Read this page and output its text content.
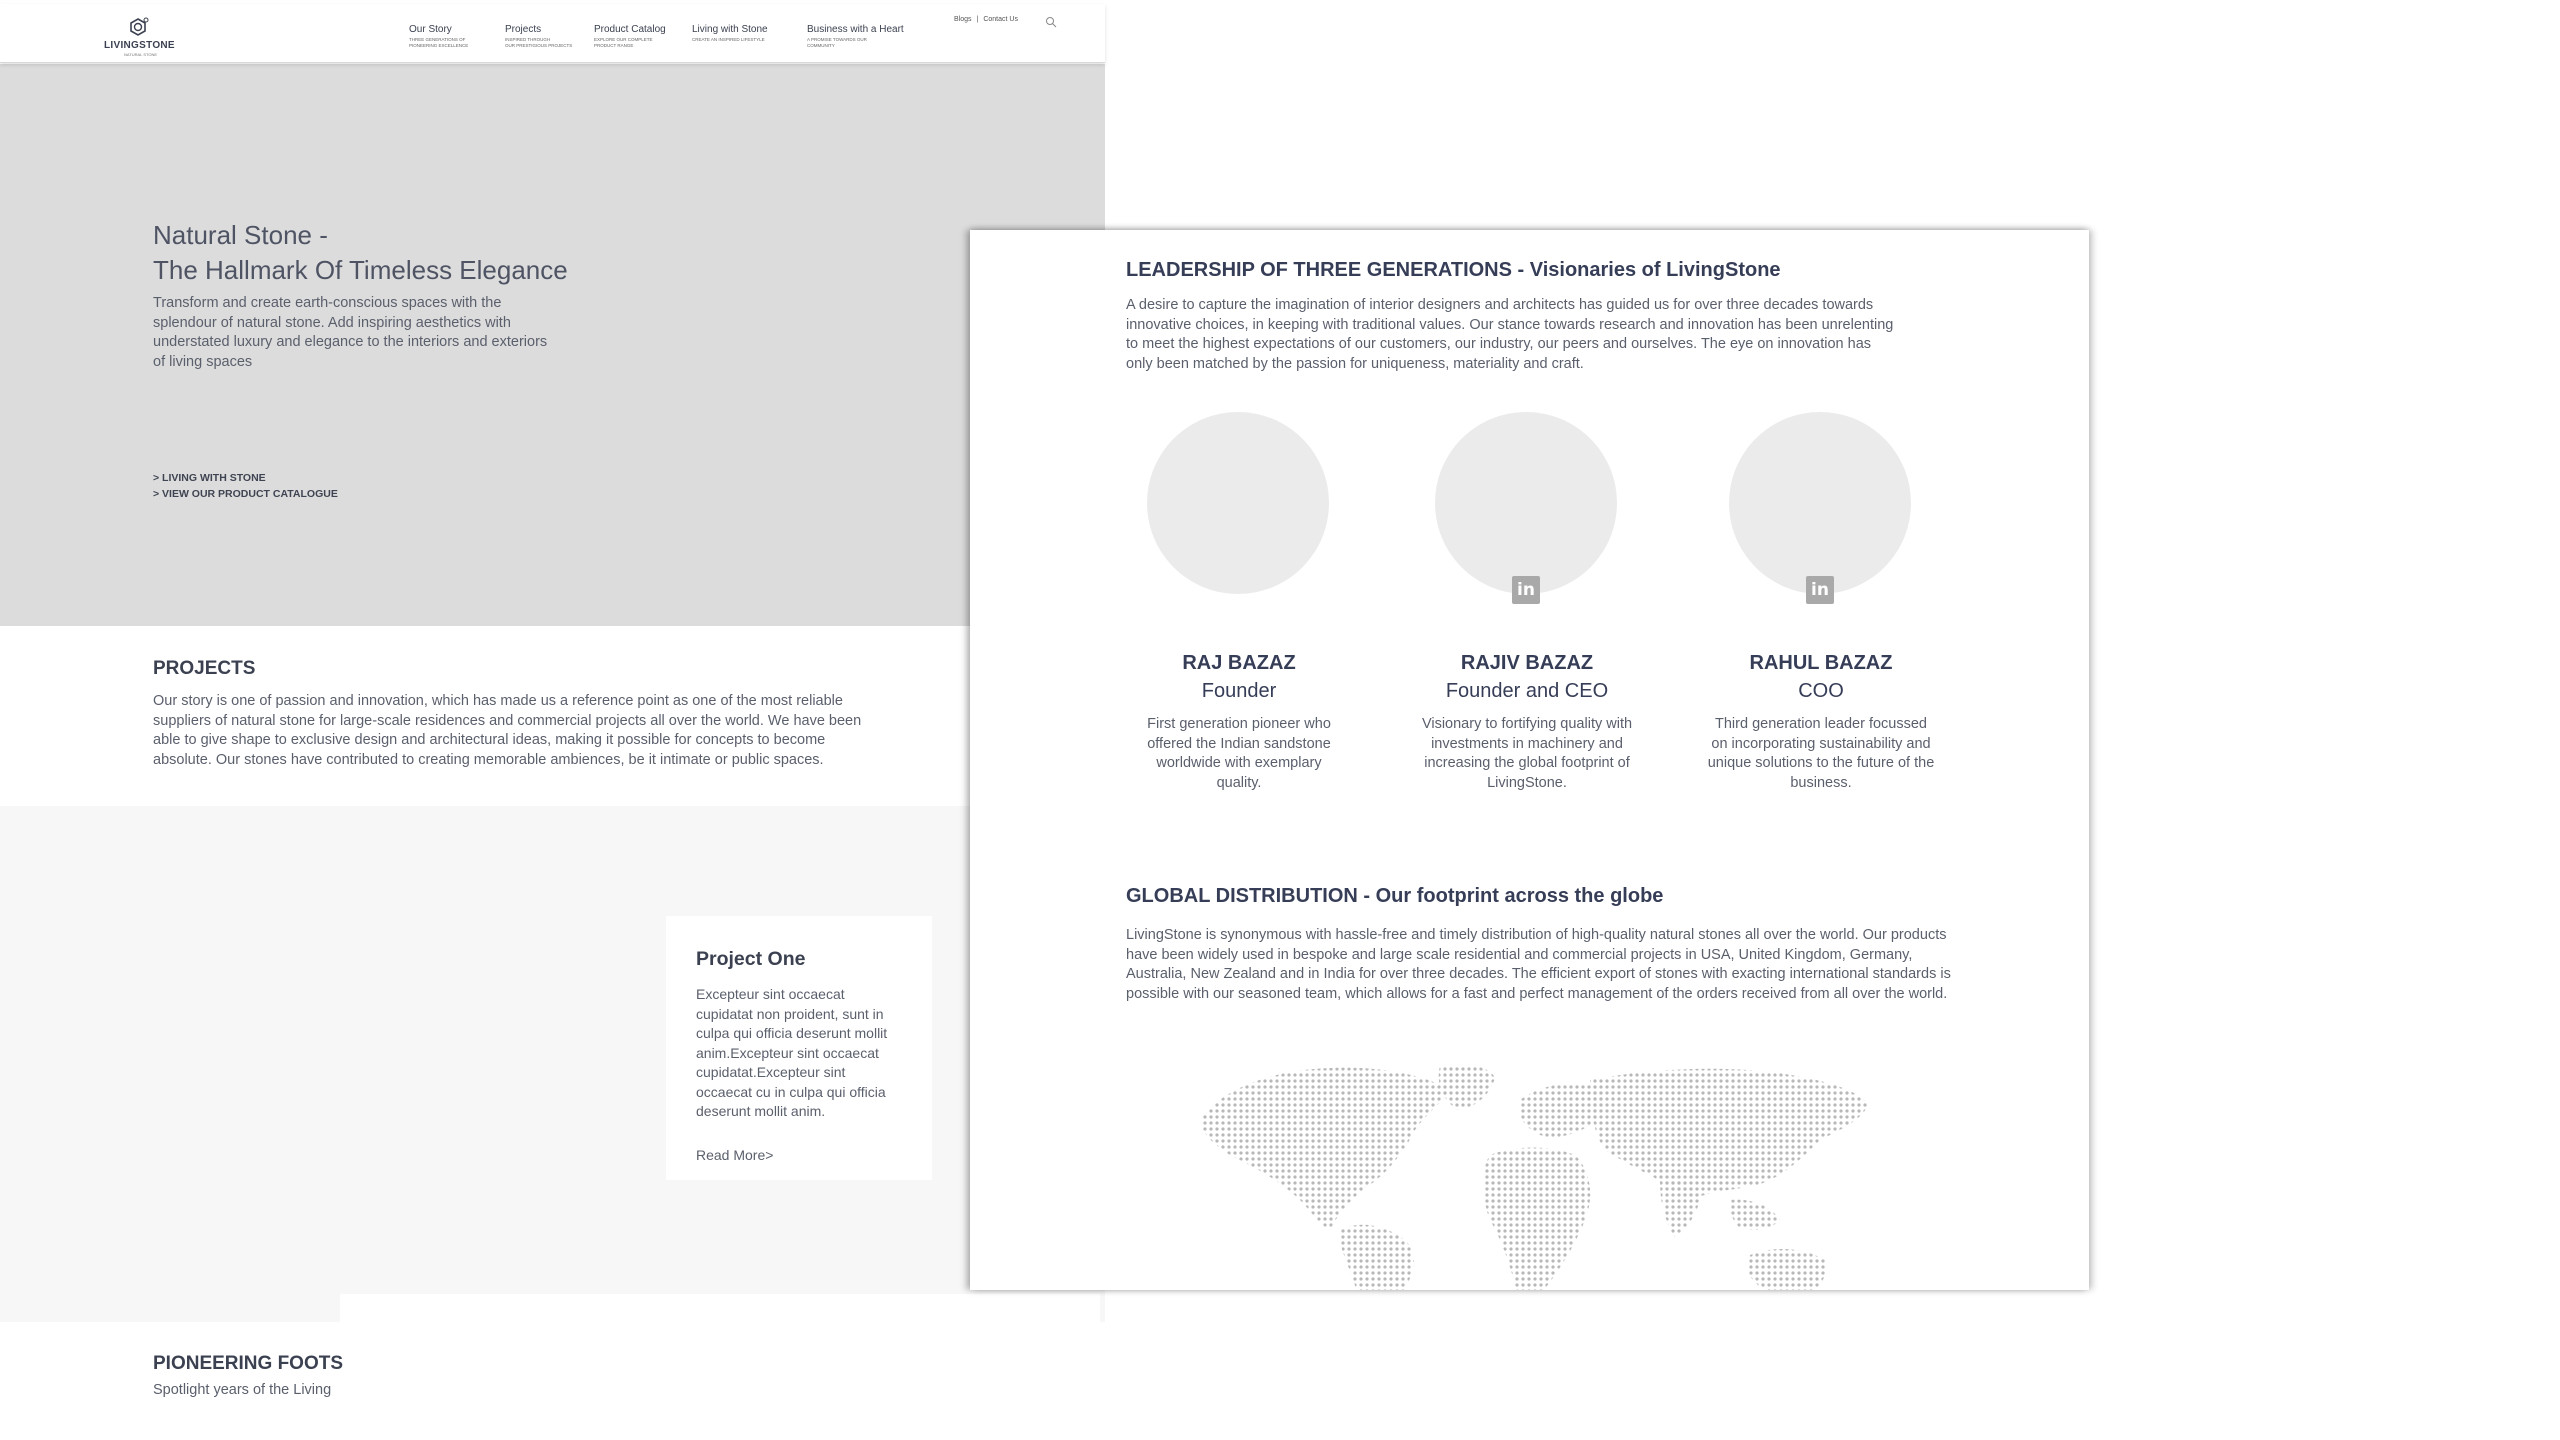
LIVINGSTONE
NATURAL STONE
Our Story
THREE GENERATIONS OF
PIONEERING EXCELLENCE
Projects
INSPIRED THROUGH
OUR PRESTIGIOUS PROJECTS
Product Catalog
EXPLORE OUR COMPLETE
PRODUCT RANGE
Living with Stone
CREATE AN INSPIRED LIFESTYLE
Business with a Heart
A PROMISE TOWARDS OUR
COMMUNITY
Blogs | Contact Us
Natural Stone -
The Hallmark Of Timeless Elegance
Transform and create earth-conscious spaces with the splendour of natural stone. Add inspiring aesthetics with understated luxury and elegance to the interiors and exteriors of living spaces
> LIVING WITH STONE
> VIEW OUR PRODUCT CATALOGUE
PROJECTS
Our story is one of passion and innovation, which has made us a reference point as one of the most reliable suppliers of natural stone for large-scale residences and commercial projects all over the world. We have been able to give shape to exclusive design and architectural ideas, making it possible for concepts to become absolute. Our stones have contributed to creating memorable ambiences, be it intimate or public spaces.
Project One
Excepteur sint occaecat cupidatat non proident, sunt in culpa qui officia deserunt mollit anim.Excepteur sint occaecat cupidatat.Excepteur sint occaecat cu in culpa qui officia deserunt mollit anim.
Read More>
PIONEERING FOOTS
Spotlight years of the Living
LEADERSHIP OF THREE GENERATIONS - Visionaries of LivingStone
A desire to capture the imagination of interior designers and architects has guided us for over three decades towards innovative choices, in keeping with traditional values. Our stance towards research and innovation has been unrelenting to meet the highest expectations of our customers, our industry, our peers and ourselves. The eye on innovation has only been matched by the passion for uniqueness, materiality and craft.
RAJ BAZAZ
Founder
First generation pioneer who offered the Indian sandstone worldwide with exemplary quality.
in
RAJIV BAZAZ
Founder and CEO
Visionary to fortifying quality with investments in machinery and increasing the global footprint of LivingStone.
in
RAHUL BAZAZ
COO
Third generation leader focussed on incorporating sustainability and unique solutions to the future of the business.
GLOBAL DISTRIBUTION - Our footprint across the globe
LivingStone is synonymous with hassle-free and timely distribution of high-quality natural stones all over the world. Our products have been widely used in bespoke and large scale residential and commercial projects in USA, United Kingdom, Germany, Australia, New Zealand and in India for over three decades. The efficient export of stones with exacting international standards is possible with our seasoned team, which allows for a fast and perfect management of the orders received from all over the world.
